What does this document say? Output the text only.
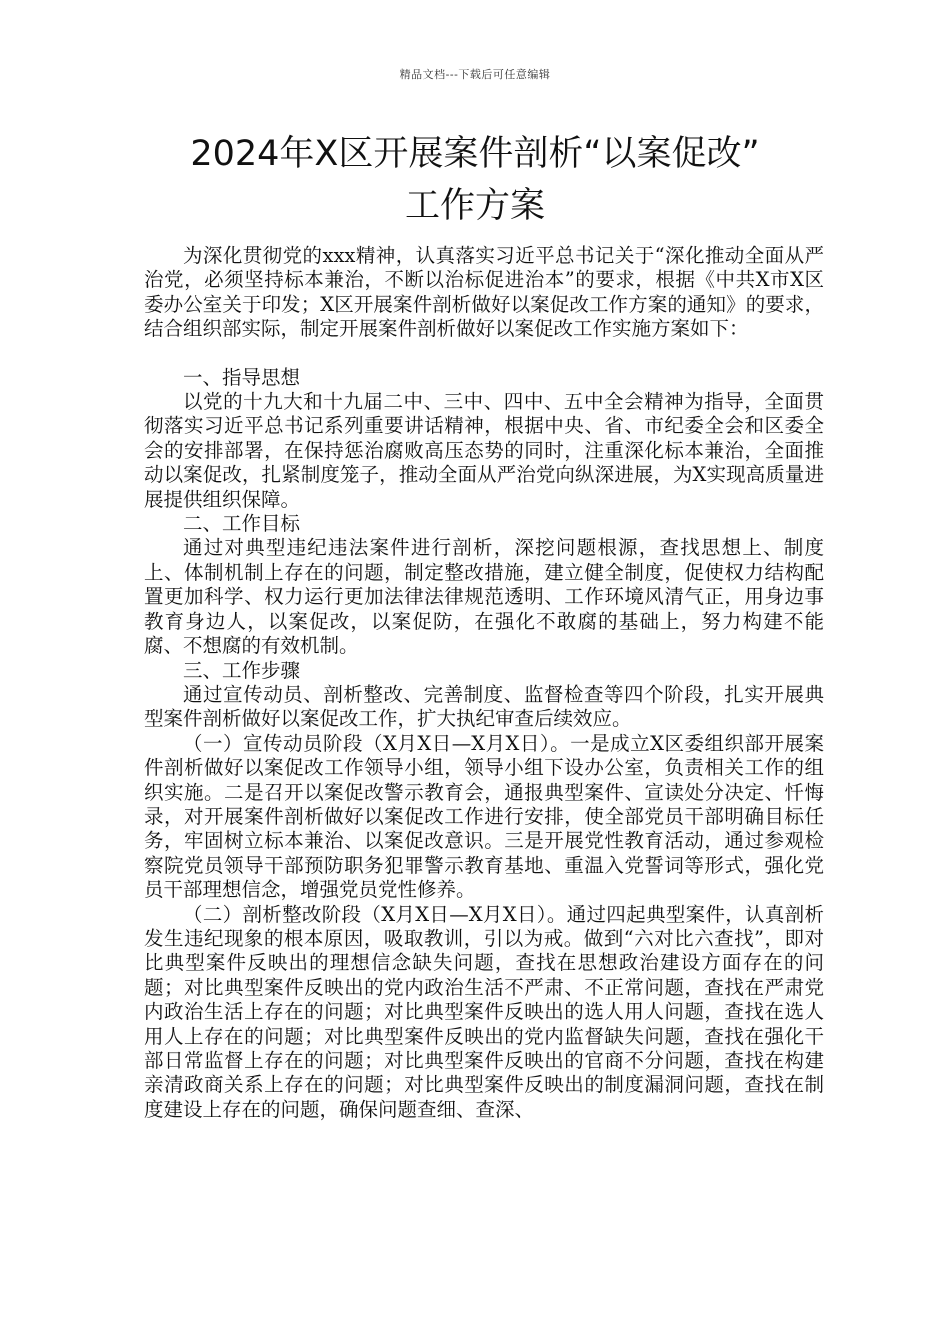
精品文档---下载后可任意编辑
2024年X区开展案件剖析“以案促改”
工作方案

为深化贯彻党的xxx精神，认真落实习近平总书记关于“深化推动全面从严治党，必须坚持标本兼治，不断以治标促进治本”的要求，根据《中共X市X区委办公室关于印发；X区开展案件剖析做好以案促改工作方案的通知》的要求，结合组织部实际，制定开展案件剖析做好以案促改工作实施方案如下：

一、指导思想

以党的十九大和十九届二中、三中、四中、五中全会精神为指导，全面贯彻落实习近平总书记系列重要讲话精神，根据中央、省、市纪委全会和区委全会的安排部署，在保持惩治腐败高压态势的同时，注重深化标本兼治，全面推动以案促改，扎紧制度笼子，推动全面从严治党向纵深进展，为X实现高质量进展提供组织保障。

二、工作目标

通过对典型违纪违法案件进行剖析，深挖问题根源，查找思想上、制度上、体制机制上存在的问题，制定整改措施，建立健全制度，促使权力结构配置更加科学、权力运行更加法律法律规范透明、工作环境风清气正，用身边事教育身边人，以案促改，以案促防，在强化不敢腐的基础上，努力构建不能腐、不想腐的有效机制。

三、工作步骤

通过宣传动员、剖析整改、完善制度、监督检查等四个阶段，扎实开展典型案件剖析做好以案促改工作，扩大执纪审查后续效应。

（一）宣传动员阶段（X月X日—X月X日）。一是成立X区委组织部开展案件剖析做好以案促改工作领导小组，领导小组下设办公室，负责相关工作的组织实施。二是召开以案促改警示教育会，通报典型案件、宣读处分决定、忏悔录，对开展案件剖析做好以案促改工作进行安排，使全部党员干部明确目标任务，牢固树立标本兼治、以案促改意识。三是开展党性教育活动，通过参观检察院党员领导干部预防职务犯罪警示教育基地、重温入党誓词等形式，强化党员干部理想信念，增强党员党性修养。

（二）剖析整改阶段（X月X日—X月X日）。通过四起典型案件，认真剖析发生违纪现象的根本原因，吸取教训，引以为戒。做到“六对比六查找”，即对比典型案件反映出的理想信念缺失问题，查找在思想政治建设方面存在的问题；对比典型案件反映出的党内政治生活不严肃、不正常问题，查找在严肃党内政治生活上存在的问题；对比典型案件反映出的选人用人问题，查找在选人用人上存在的问题；对比典型案件反映出的党内监督缺失问题，查找在强化干部日常监督上存在的问题；对比典型案件反映出的官商不分问题，查找在构建亲清政商关系上存在的问题；对比典型案件反映出的制度漏洞问题，查找在制度建设上存在的问题，确保问题查细、查深、
